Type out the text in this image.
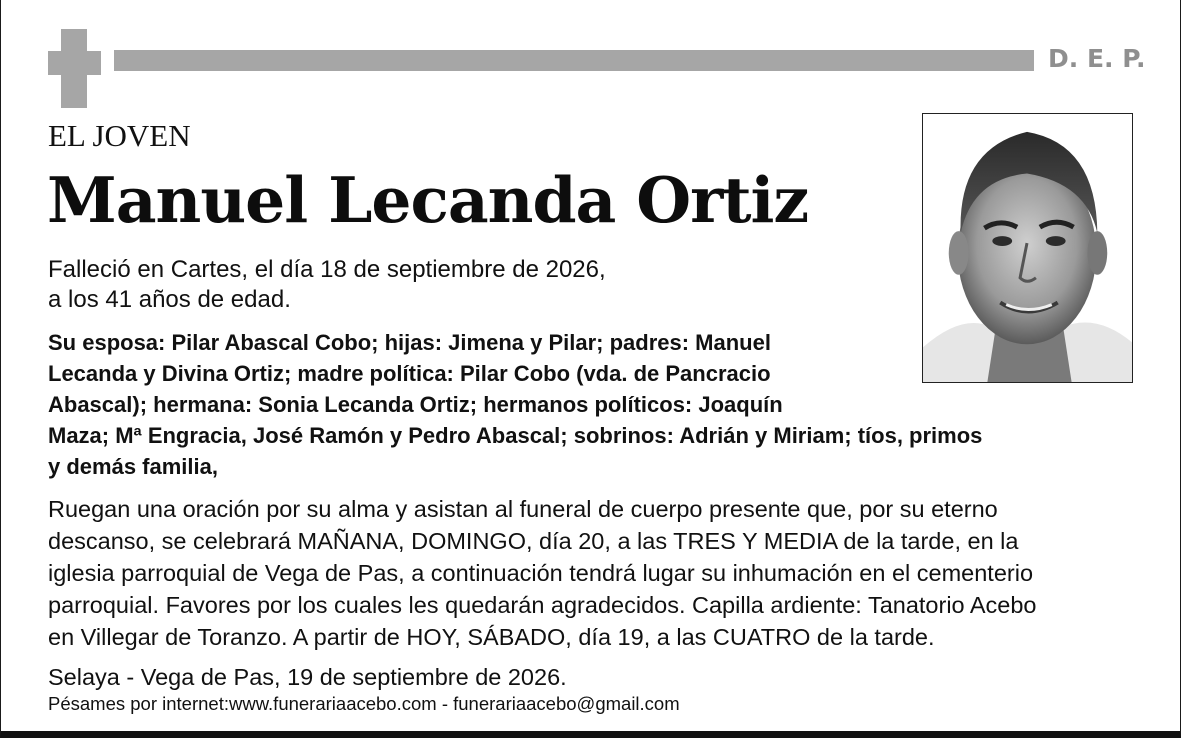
D. E. P.
EL JOVEN
Manuel Lecanda Ortiz
Falleció en Cartes, el día 18 de septiembre de 2026,
a los 41 años de edad.
Su esposa: Pilar Abascal Cobo; hijas: Jimena y Pilar; padres: Manuel
Lecanda y Divina Ortiz; madre política: Pilar Cobo (vda. de Pancracio
Abascal); hermana: Sonia Lecanda Ortiz; hermanos políticos: Joaquín
Maza; Mª Engracia, José Ramón y Pedro Abascal; sobrinos: Adrián y Miriam; tíos, primos
y demás familia,
Ruegan una oración por su alma y asistan al funeral de cuerpo presente que, por su eterno
descanso, se celebrará MAÑANA, DOMINGO, día 20, a las TRES Y MEDIA de la tarde, en la
iglesia parroquial de Vega de Pas, a continuación tendrá lugar su inhumación en el cementerio
parroquial. Favores por los cuales les quedarán agradecidos. Capilla ardiente: Tanatorio Acebo
en Villegar de Toranzo. A partir de HOY, SÁBADO, día 19, a las CUATRO de la tarde.
Selaya - Vega de Pas, 19 de septiembre de 2026.
Pésames por internet:www.funerariaacebo.com - funerariaacebo@gmail.com
